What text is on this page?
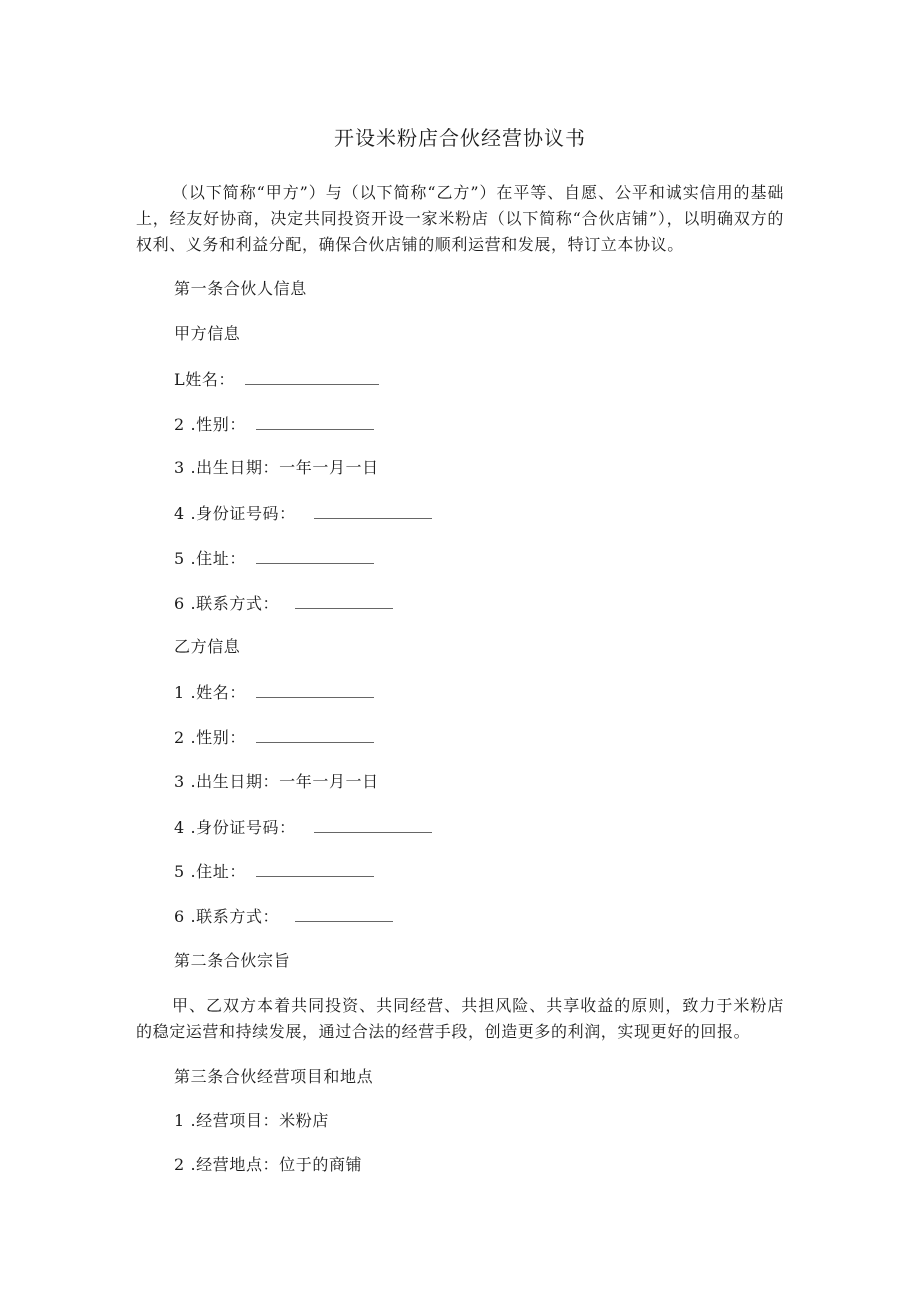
开设米粉店合伙经营协议书
（以下简称“甲方”）与（以下简称“乙方”）在平等、自愿、公平和诚实信用的基础上，经友好协商，决定共同投资开设一家米粉店（以下简称“合伙店铺”），以明确双方的权利、义务和利益分配，确保合伙店铺的顺利运营和发展，特订立本协议。
第一条合伙人信息
甲方信息
L姓名：
2 .性别：
3 .出生日期：一年一月一日
4 .身份证号码：
5 .住址：
6 .联系方式：
乙方信息
1 .姓名：
2 .性别：
3 .出生日期：一年一月一日
4 .身份证号码：
5 .住址：
6 .联系方式：
第二条合伙宗旨
甲、乙双方本着共同投资、共同经营、共担风险、共享收益的原则，致力于米粉店的稳定运营和持续发展，通过合法的经营手段，创造更多的利润，实现更好的回报。
第三条合伙经营项目和地点
1 .经营项目：米粉店
2 .经营地点：位于的商铺
